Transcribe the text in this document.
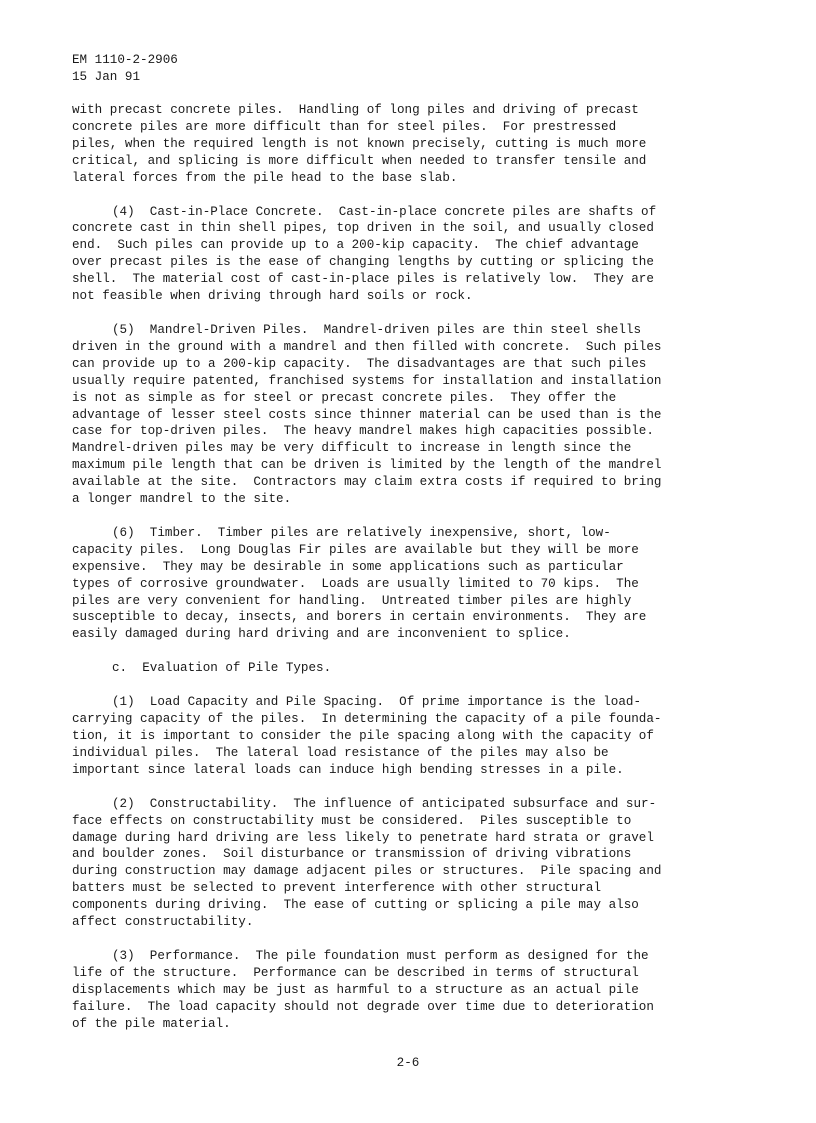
EM 1110-2-2906
15 Jan 91
with precast concrete piles.  Handling of long piles and driving of precast
concrete piles are more difficult than for steel piles.  For prestressed
piles, when the required length is not known precisely, cutting is much more
critical, and splicing is more difficult when needed to transfer tensile and
lateral forces from the pile head to the base slab.
(4)  Cast-in-Place Concrete.  Cast-in-place concrete piles are shafts of
concrete cast in thin shell pipes, top driven in the soil, and usually closed
end.  Such piles can provide up to a 200-kip capacity.  The chief advantage
over precast piles is the ease of changing lengths by cutting or splicing the
shell.  The material cost of cast-in-place piles is relatively low.  They are
not feasible when driving through hard soils or rock.
(5)  Mandrel-Driven Piles.  Mandrel-driven piles are thin steel shells
driven in the ground with a mandrel and then filled with concrete.  Such piles
can provide up to a 200-kip capacity.  The disadvantages are that such piles
usually require patented, franchised systems for installation and installation
is not as simple as for steel or precast concrete piles.  They offer the
advantage of lesser steel costs since thinner material can be used than is the
case for top-driven piles.  The heavy mandrel makes high capacities possible.
Mandrel-driven piles may be very difficult to increase in length since the
maximum pile length that can be driven is limited by the length of the mandrel
available at the site.  Contractors may claim extra costs if required to bring
a longer mandrel to the site.
(6)  Timber.  Timber piles are relatively inexpensive, short, low-
capacity piles.  Long Douglas Fir piles are available but they will be more
expensive.  They may be desirable in some applications such as particular
types of corrosive groundwater.  Loads are usually limited to 70 kips.  The
piles are very convenient for handling.  Untreated timber piles are highly
susceptible to decay, insects, and borers in certain environments.  They are
easily damaged during hard driving and are inconvenient to splice.
c.  Evaluation of Pile Types.
(1)  Load Capacity and Pile Spacing.  Of prime importance is the load-
carrying capacity of the piles.  In determining the capacity of a pile founda-
tion, it is important to consider the pile spacing along with the capacity of
individual piles.  The lateral load resistance of the piles may also be
important since lateral loads can induce high bending stresses in a pile.
(2)  Constructability.  The influence of anticipated subsurface and sur-
face effects on constructability must be considered.  Piles susceptible to
damage during hard driving are less likely to penetrate hard strata or gravel
and boulder zones.  Soil disturbance or transmission of driving vibrations
during construction may damage adjacent piles or structures.  Pile spacing and
batters must be selected to prevent interference with other structural
components during driving.  The ease of cutting or splicing a pile may also
affect constructability.
(3)  Performance.  The pile foundation must perform as designed for the
life of the structure.  Performance can be described in terms of structural
displacements which may be just as harmful to a structure as an actual pile
failure.  The load capacity should not degrade over time due to deterioration
of the pile material.
2-6
